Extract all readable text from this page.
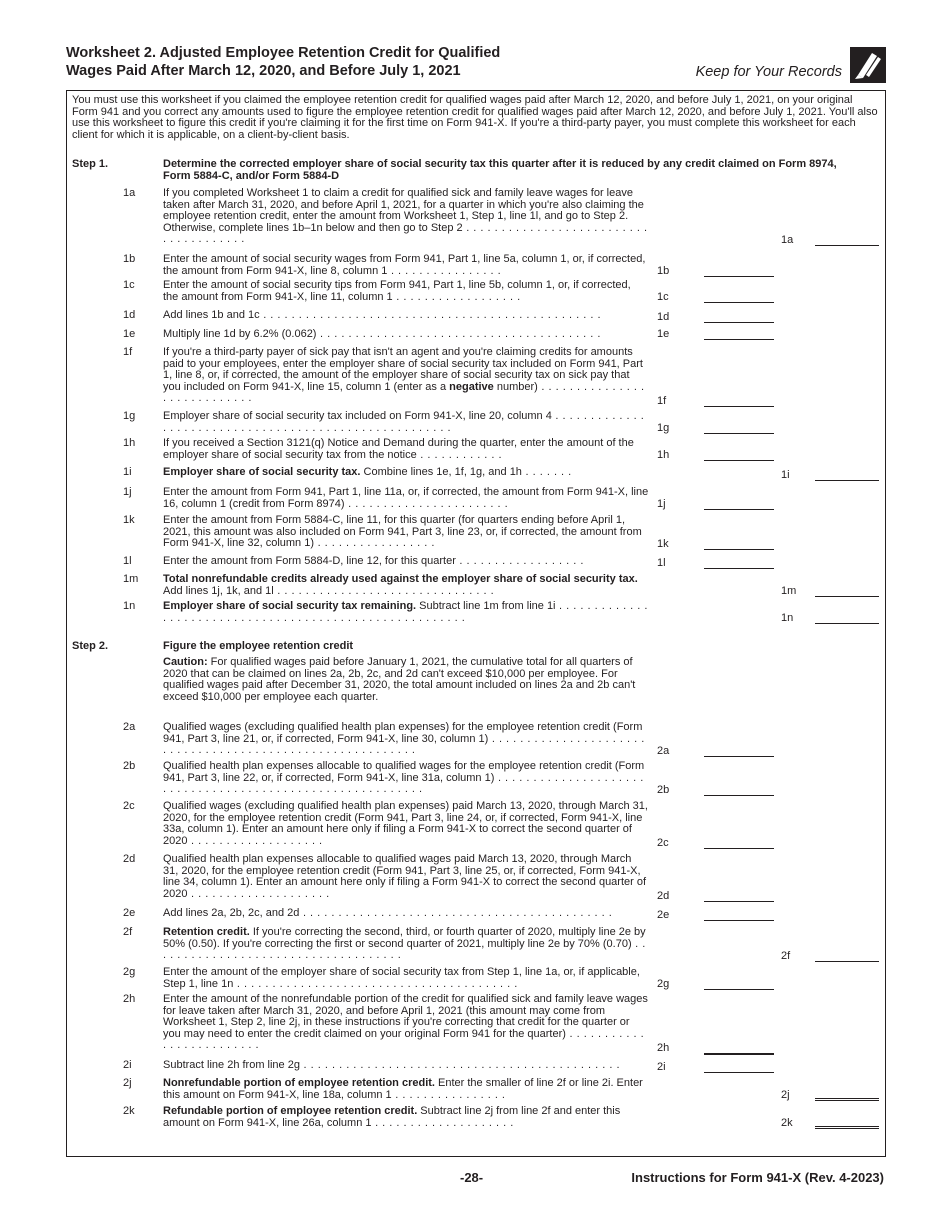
Worksheet 2. Adjusted Employee Retention Credit for Qualified
Wages Paid After March 12, 2020, and Before July 1, 2021	Keep for Your Records
You must use this worksheet if you claimed the employee retention credit for qualified wages paid after March 12, 2020, and before July 1, 2021, on your original Form 941 and you correct any amounts used to figure the employee retention credit for qualified wages paid after March 12, 2020, and before July 1, 2021. You'll also use this worksheet to figure this credit if you're claiming it for the first time on Form 941-X. If you're a third-party payer, you must complete this worksheet for each client for which it is applicable, on a client-by-client basis.
Step 1.	Determine the corrected employer share of social security tax this quarter after it is reduced by any credit claimed on Form 8974, Form 5884-C, and/or Form 5884-D
1a	If you completed Worksheet 1 to claim a credit for qualified sick and family leave wages for leave taken after March 31, 2020, and before April 1, 2021, for a quarter in which you're also claiming the employee retention credit, enter the amount from Worksheet 1, Step 1, line 1l, and go to Step 2. Otherwise, complete lines 1b–1n below and then go to Step 2 . . . . . . . . . . . . . . . . . . . . . . . . . . . . . . . . . . . . . .	1a
1b	Enter the amount of social security wages from Form 941, Part 1, line 5a, column 1, or, if corrected, the amount from Form 941-X, line 8, column 1 . . . . . . . . . . . . . . . .	1b
1c	Enter the amount of social security tips from Form 941, Part 1, line 5b, column 1, or, if corrected, the amount from Form 941-X, line 11, column 1 . . . . . . . . . . . . . . . . . .	1c
1d	Add lines 1b and 1c . . . . . . . . . . . . . . . . . . . . . . . . . . . . . . . . . . . . . . . . . . . . . . . .	1d
1e	Multiply line 1d by 6.2% (0.062) . . . . . . . . . . . . . . . . . . . . . . . . . . . . . . . . . . . . . . . .	1e
1f	If you're a third-party payer of sick pay that isn't an agent and you're claiming credits for amounts paid to your employees, enter the employer share of social security tax included on Form 941, Part 1, line 8, or, if corrected, the amount of the employer share of social security tax on sick pay that you included on Form 941-X, line 15, column 1 (enter as a negative number) . . . . . . . . . . . . . . . . . . . . . . . . . . . .	1f
1g	Employer share of social security tax included on Form 941-X, line 20, column 4 . . . . . . . . . . . . . . . . . . . . . . . . . . . . . . . . . . . . . . . . . . . . . . . . . . . . . .	1g
1h	If you received a Section 3121(q) Notice and Demand during the quarter, enter the amount of the employer share of social security tax from the notice . . . . . . . . . . . .	1h
1i	Employer share of social security tax. Combine lines 1e, 1f, 1g, and 1h . . . . . . .	1i
1j	Enter the amount from Form 941, Part 1, line 11a, or, if corrected, the amount from Form 941-X, line 16, column 1 (credit from Form 8974) . . . . . . . . . . . . . . . . . . . . . . .	1j
1k	Enter the amount from Form 5884-C, line 11, for this quarter (for quarters ending before April 1, 2021, this amount was also included on Form 941, Part 3, line 23, or, if corrected, the amount from Form 941-X, line 32, column 1) . . . . . . . . . . . . . . . . .	1k
1l	Enter the amount from Form 5884-D, line 12, for this quarter . . . . . . . . . . . . . . . . . .	1l
1m Total nonrefundable credits already used against the employer share of social security tax. Add lines 1j, 1k, and 1l . . . . . . . . . . . . . . . . . . . . . . . . . . . . . . .	1m
1n	Employer share of social security tax remaining. Subtract line 1m from line 1i . . . . . . . . . . . . . . . . . . . . . . . . . . . . . . . . . . . . . . . . . . . . . . . . . . . . . . . .	1n
Step 2.	Figure the employee retention credit
Caution: For qualified wages paid before January 1, 2021, the cumulative total for all quarters of 2020 that can be claimed on lines 2a, 2b, 2c, and 2d can't exceed $10,000 per employee. For qualified wages paid after December 31, 2020, the total amount included on lines 2a and 2b can't exceed $10,000 per employee each quarter.
2a	Qualified wages (excluding qualified health plan expenses) for the employee retention credit (Form 941, Part 3, line 21, or, if corrected, Form 941-X, line 30, column 1) . . . . . . . . . . . . . . . . . . . . . . . . . . . . . . . . . . . . . . . . . . . . . . . . . . . . . . . . . .	2a
2b	Qualified health plan expenses allocable to qualified wages for the employee retention credit (Form 941, Part 3, line 22, or, if corrected, Form 941-X, line 31a, column 1) . . . . . . . . . . . . . . . . . . . . . . . . . . . . . . . . . . . . . . . . . . . . . . . . . . . . . . . . . .	2b
2c	Qualified wages (excluding qualified health plan expenses) paid March 13, 2020, through March 31, 2020, for the employee retention credit (Form 941, Part 3, line 24, or, if corrected, Form 941-X, line 33a, column 1). Enter an amount here only if filing a Form 941-X to correct the second quarter of 2020 . . . . . . . . . . . . . . . . . . .	2c
2d	Qualified health plan expenses allocable to qualified wages paid March 13, 2020, through March 31, 2020, for the employee retention credit (Form 941, Part 3, line 25, or, if corrected, Form 941-X, line 34, column 1). Enter an amount here only if filing a Form 941-X to correct the second quarter of 2020 . . . . . . . . . . . . . . . . . . . .	2d
2e	Add lines 2a, 2b, 2c, and 2d . . . . . . . . . . . . . . . . . . . . . . . . . . . . . . . . . . . . . . . . . . . .	2e
2f	Retention credit. If you're correcting the second, third, or fourth quarter of 2020, multiply line 2e by 50% (0.50). If you're correcting the first or second quarter of 2021, multiply line 2e by 70% (0.70) . . . . . . . . . . . . . . . . . . . . . . . . . . . . . . . . . . . .	2f
2g	Enter the amount of the employer share of social security tax from Step 1, line 1a, or, if applicable, Step 1, line 1n . . . . . . . . . . . . . . . . . . . . . . . . . . . . . . . . . . . . . . . .	2g
2h	Enter the amount of the nonrefundable portion of the credit for qualified sick and family leave wages for leave taken after March 31, 2020, and before April 1, 2021 (this amount may come from Worksheet 1, Step 2, line 2j, in these instructions if you're correcting that credit for the quarter or you may need to enter the credit claimed on your original Form 941 for the quarter) . . . . . . . . . . . . . . . . . . . . . . . . .	2h
2i	Subtract line 2h from line 2g . . . . . . . . . . . . . . . . . . . . . . . . . . . . . . . . . . . . . . . . . . . . .	2i
2j	Nonrefundable portion of employee retention credit. Enter the smaller of line 2f or line 2i. Enter this amount on Form 941-X, line 18a, column 1 . . . . . . . . . . . . . . . .	2j
2k	Refundable portion of employee retention credit. Subtract line 2j from line 2f and enter this amount on Form 941-X, line 26a, column 1 . . . . . . . . . . . . . . . . . . . .	2k
-28-	Instructions for Form 941-X (Rev. 4-2023)
